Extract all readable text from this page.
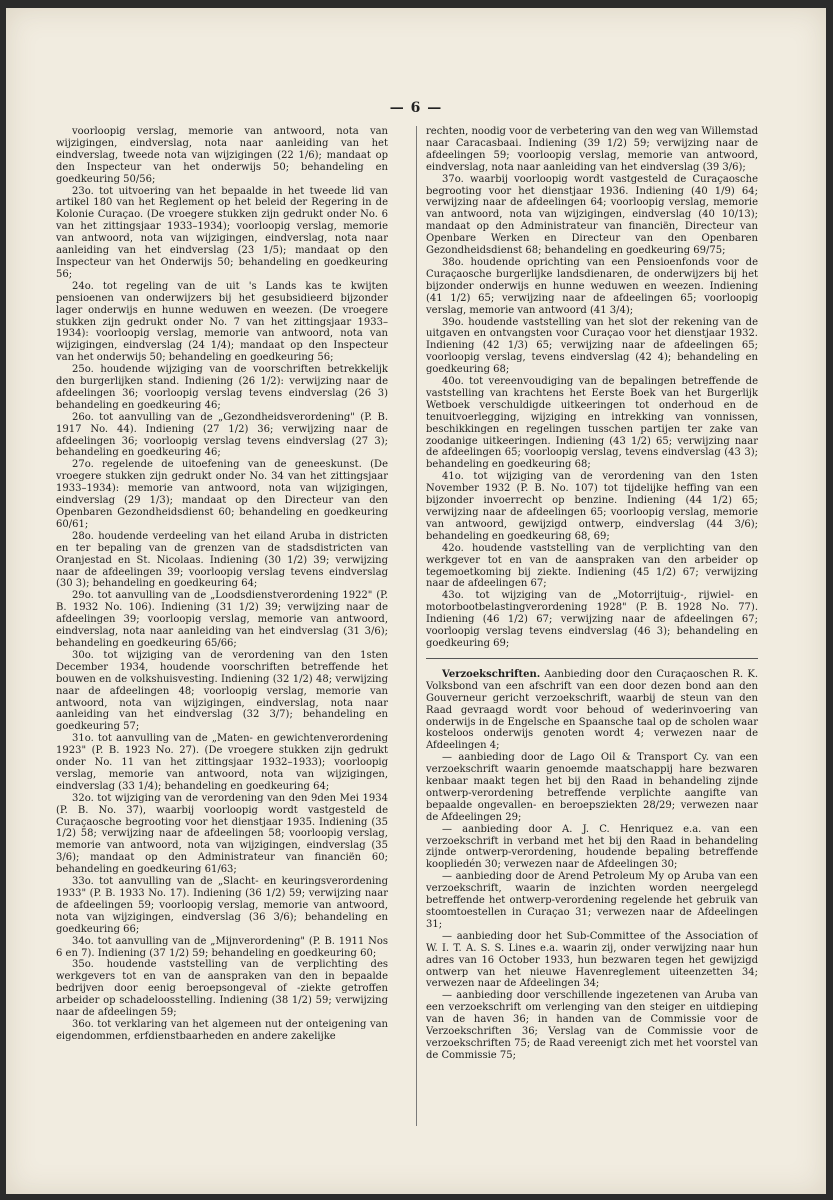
— 6 —

voorloopig verslag, memorie van antwoord, nota van wijzigingen, eindverslag, nota naar aanleiding van het eindverslag, tweede nota van wijzigingen (22 1/6); mandaat op den Inspecteur van het onderwijs 50; behandeling en goedkeuring 50/56;

23o. tot uitvoering van het bepaalde in het tweede lid van artikel 180 van het Reglement op het beleid der Regering in de Kolonie Curaçao. (De vroegere stukken zijn gedrukt onder No. 6 van het zittingsjaar 1933–1934); voorloopig verslag, memorie van antwoord, nota van wijzigingen, eindverslag, nota naar aanleiding van het eindverslag (23 1/5); mandaat op den Inspecteur van het Onderwijs 50; behandeling en goedkeuring 56;

24o. tot regeling van de uit 's Lands kas te kwijten pensioenen van onderwijzers bij het gesubsidieerd bijzonder lager onderwijs en hunne weduwen en weezen. (De vroegere stukken zijn gedrukt onder No. 7 van het zittingsjaar 1933–1934): voorloopig verslag, memorie van antwoord, nota van wijzigingen, eindverslag (24 1/4); mandaat op den Inspecteur van het onderwijs 50; behandeling en goedkeuring 56;

25o. houdende wijziging van de voorschriften betrekkelijk den burgerlijken stand. Indiening (26 1/2): verwijzing naar de afdeelingen 36; voorloopig verslag tevens eindverslag (26 3) behandeling en goedkeuring 46;

26o. tot aanvulling van de „Gezondheidsverordening" (P. B. 1917 No. 44). Indiening (27 1/2) 36; verwijzing naar de afdeelingen 36; voorloopig verslag tevens eindverslag (27 3); behandeling en goedkeuring 46;

27o. regelende de uitoefening van de geneeskunst. (De vroegere stukken zijn gedrukt onder No. 34 van het zittingsjaar 1933–1934): memorie van antwoord, nota van wijzigingen, eindverslag (29 1/3); mandaat op den Directeur van den Openbaren Gezondheidsdienst 60; behandeling en goedkeuring 60/61;

28o. houdende verdeeling van het eiland Aruba in districten en ter bepaling van de grenzen van de stadsdistricten van Oranjestad en St. Nicolaas. Indiening (30 1/2) 39; verwijzing naar de afdeelingen 39; voorloopig verslag tevens eindverslag (30 3); behandeling en goedkeuring 64;

29o. tot aanvulling van de „Loodsdienstverordening 1922" (P. B. 1932 No. 106). Indiening (31 1/2) 39; verwijzing naar de afdeelingen 39; voorloopig verslag, memorie van antwoord, eindverslag, nota naar aanleiding van het eindverslag (31 3/6); behandeling en goedkeuring 65/66;

30o. tot wijziging van de verordening van den 1sten December 1934, houdende voorschriften betreffende het bouwen en de volkshuisvesting. Indiening (32 1/2) 48; verwijzing naar de afdeelingen 48; voorloopig verslag, memorie van antwoord, nota van wijzigingen, eindverslag, nota naar aanleiding van het eindverslag (32 3/7); behandeling en goedkeuring 57;

31o. tot aanvulling van de „Maten- en gewichtenverordening 1923" (P. B. 1923 No. 27). (De vroegere stukken zijn gedrukt onder No. 11 van het zittingsjaar 1932–1933); voorloopig verslag, memorie van antwoord, nota van wijzigingen, eindverslag (33 1/4); behandeling en goedkeuring 64;

32o. tot wijziging van de verordening van den 9den Mei 1934 (P. B. No. 37), waarbij voorloopig wordt vastgesteld de Curaçaosche begrooting voor het dienstjaar 1935. Indiening (35 1/2) 58; verwijzing naar de afdeelingen 58; voorloopig verslag, memorie van antwoord, nota van wijzigingen, eindverslag (35 3/6); mandaat op den Administrateur van financiën 60; behandeling en goedkeuring 61/63;

33o. tot aanvulling van de „Slacht- en keuringsverordening 1933" (P. B. 1933 No. 17). Indiening (36 1/2) 59; verwijzing naar de afdeelingen 59; voorloopig verslag, memorie van antwoord, nota van wijzigingen, eindverslag (36 3/6); behandeling en goedkeuring 66;

34o. tot aanvulling van de „Mijnverordening" (P. B. 1911 Nos 6 en 7). Indiening (37 1/2) 59; behandeling en goedkeuring 60;

35o. houdende vaststelling van de verplichting des werkgevers tot en van de aanspraken van den in bepaalde bedrijven door eenig beroepsongeval of -ziekte getroffen arbeider op schadeloosstelling. Indiening (38 1/2) 59; verwijzing naar de afdeelingen 59;

36o. tot verklaring van het algemeen nut der onteigening van eigendommen, erfdienstbaarheden en andere zakelijke

rechten, noodig voor de verbetering van den weg van Willemstad naar Caracasbaai. Indiening (39 1/2) 59; verwijzing naar de afdeelingen 59; voorloopig verslag, memorie van antwoord, eindverslag, nota naar aanleiding van het eindverslag (39 3/6);

37o. waarbij voorloopig wordt vastgesteld de Curaçaosche begrooting voor het dienstjaar 1936. Indiening (40 1/9) 64; verwijzing naar de afdeelingen 64; voorloopig verslag, memorie van antwoord, nota van wijzigingen, eindverslag (40 10/13); mandaat op den Administrateur van financiën, Directeur van Openbare Werken en Directeur van den Openbaren Gezondheidsdienst 68; behandeling en goedkeuring 69/75;

38o. houdende oprichting van een Pensioenfonds voor de Curaçaosche burgerlijke landsdienaren, de onderwijzers bij het bijzonder onderwijs en hunne weduwen en weezen. Indiening (41 1/2) 65; verwijzing naar de afdeelingen 65; voorloopig verslag, memorie van antwoord (41 3/4);

39o. houdende vaststelling van het slot der rekening van de uitgaven en ontvangsten voor Curaçao voor het dienstjaar 1932. Indiening (42 1/3) 65; verwijzing naar de afdeelingen 65; voorloopig verslag, tevens eindverslag (42 4); behandeling en goedkeuring 68;

40o. tot vereenvoudiging van de bepalingen betreffende de vaststelling van krachtens het Eerste Boek van het Burgerlijk Wetboek verschuldigde uitkeeringen tot onderhoud en de tenuitvoerlegging, wijziging en intrekking van vonnissen, beschikkingen en regelingen tusschen partijen ter zake van zoodanige uitkeeringen. Indiening (43 1/2) 65; verwijzing naar de afdeelingen 65; voorloopig verslag, tevens eindverslag (43 3); behandeling en goedkeuring 68;

41o. tot wijziging van de verordening van den 1sten November 1932 (P. B. No. 107) tot tijdelijke heffing van een bijzonder invoerrecht op benzine. Indiening (44 1/2) 65; verwijzing naar de afdeelingen 65; voorloopig verslag, memorie van antwoord, gewijzigd ontwerp, eindverslag (44 3/6); behandeling en goedkeuring 68, 69;

42o. houdende vaststelling van de verplichting van den werkgever tot en van de aanspraken van den arbeider op tegemoetkoming bij ziekte. Indiening (45 1/2) 67; verwijzing naar de afdeelingen 67;

43o. tot wijziging van de „Motorrijtuig-, rijwiel- en motorbootbelastingverordening 1928" (P. B. 1928 No. 77). Indiening (46 1/2) 67; verwijzing naar de afdeelingen 67; voorloopig verslag tevens eindverslag (46 3); behandeling en goedkeuring 69;

Verzoekschriften. Aanbieding door den Curaçaoschen R. K. Volksbond van een afschrift van een door dezen bond aan den Gouverneur gericht verzoekschrift, waarbij de steun van den Raad gevraagd wordt voor behoud of wederinvoering van onderwijs in de Engelsche en Spaansche taal op de scholen waar kosteloos onderwijs genoten wordt 4; verwezen naar de Afdeelingen 4;

— aanbieding door de Lago Oil & Transport Cy. van een verzoekschrift waarin genoemde maatschappij hare bezwaren kenbaar maakt tegen het bij den Raad in behandeling zijnde ontwerp-verordening betreffende verplichte aangifte van bepaalde ongevallen- en beroepsziekten 28/29; verwezen naar de Afdeelingen 29;

— aanbieding door A. J. C. Henriquez e.a. van een verzoekschrift in verband met het bij den Raad in behandeling zijnde ontwerp-verordening, houdende bepaling betreffende koopliedén 30; verwezen naar de Afdeelingen 30;

— aanbieding door de Arend Petroleum My op Aruba van een verzoekschrift, waarin de inzichten worden neergelegd betreffende het ontwerp-verordening regelende het gebruik van stoomtoestellen in Curaçao 31; verwezen naar de Afdeelingen 31;

— aanbieding door het Sub-Committee of the Association of W. I. T. A. S. S. Lines e.a. waarin zij, onder verwijzing naar hun adres van 16 October 1933, hun bezwaren tegen het gewijzigd ontwerp van het nieuwe Havenreglement uiteenzetten 34; verwezen naar de Afdeelingen 34;

— aanbieding door verschillende ingezetenen van Aruba van een verzoekschrift om verlenging van den steiger en uitdieping van de haven 36; in handen van de Commissie voor de Verzoekschriften 36; Verslag van de Commissie voor de verzoekschriften 75; de Raad vereenigt zich met het voorstel van de Commissie 75;
